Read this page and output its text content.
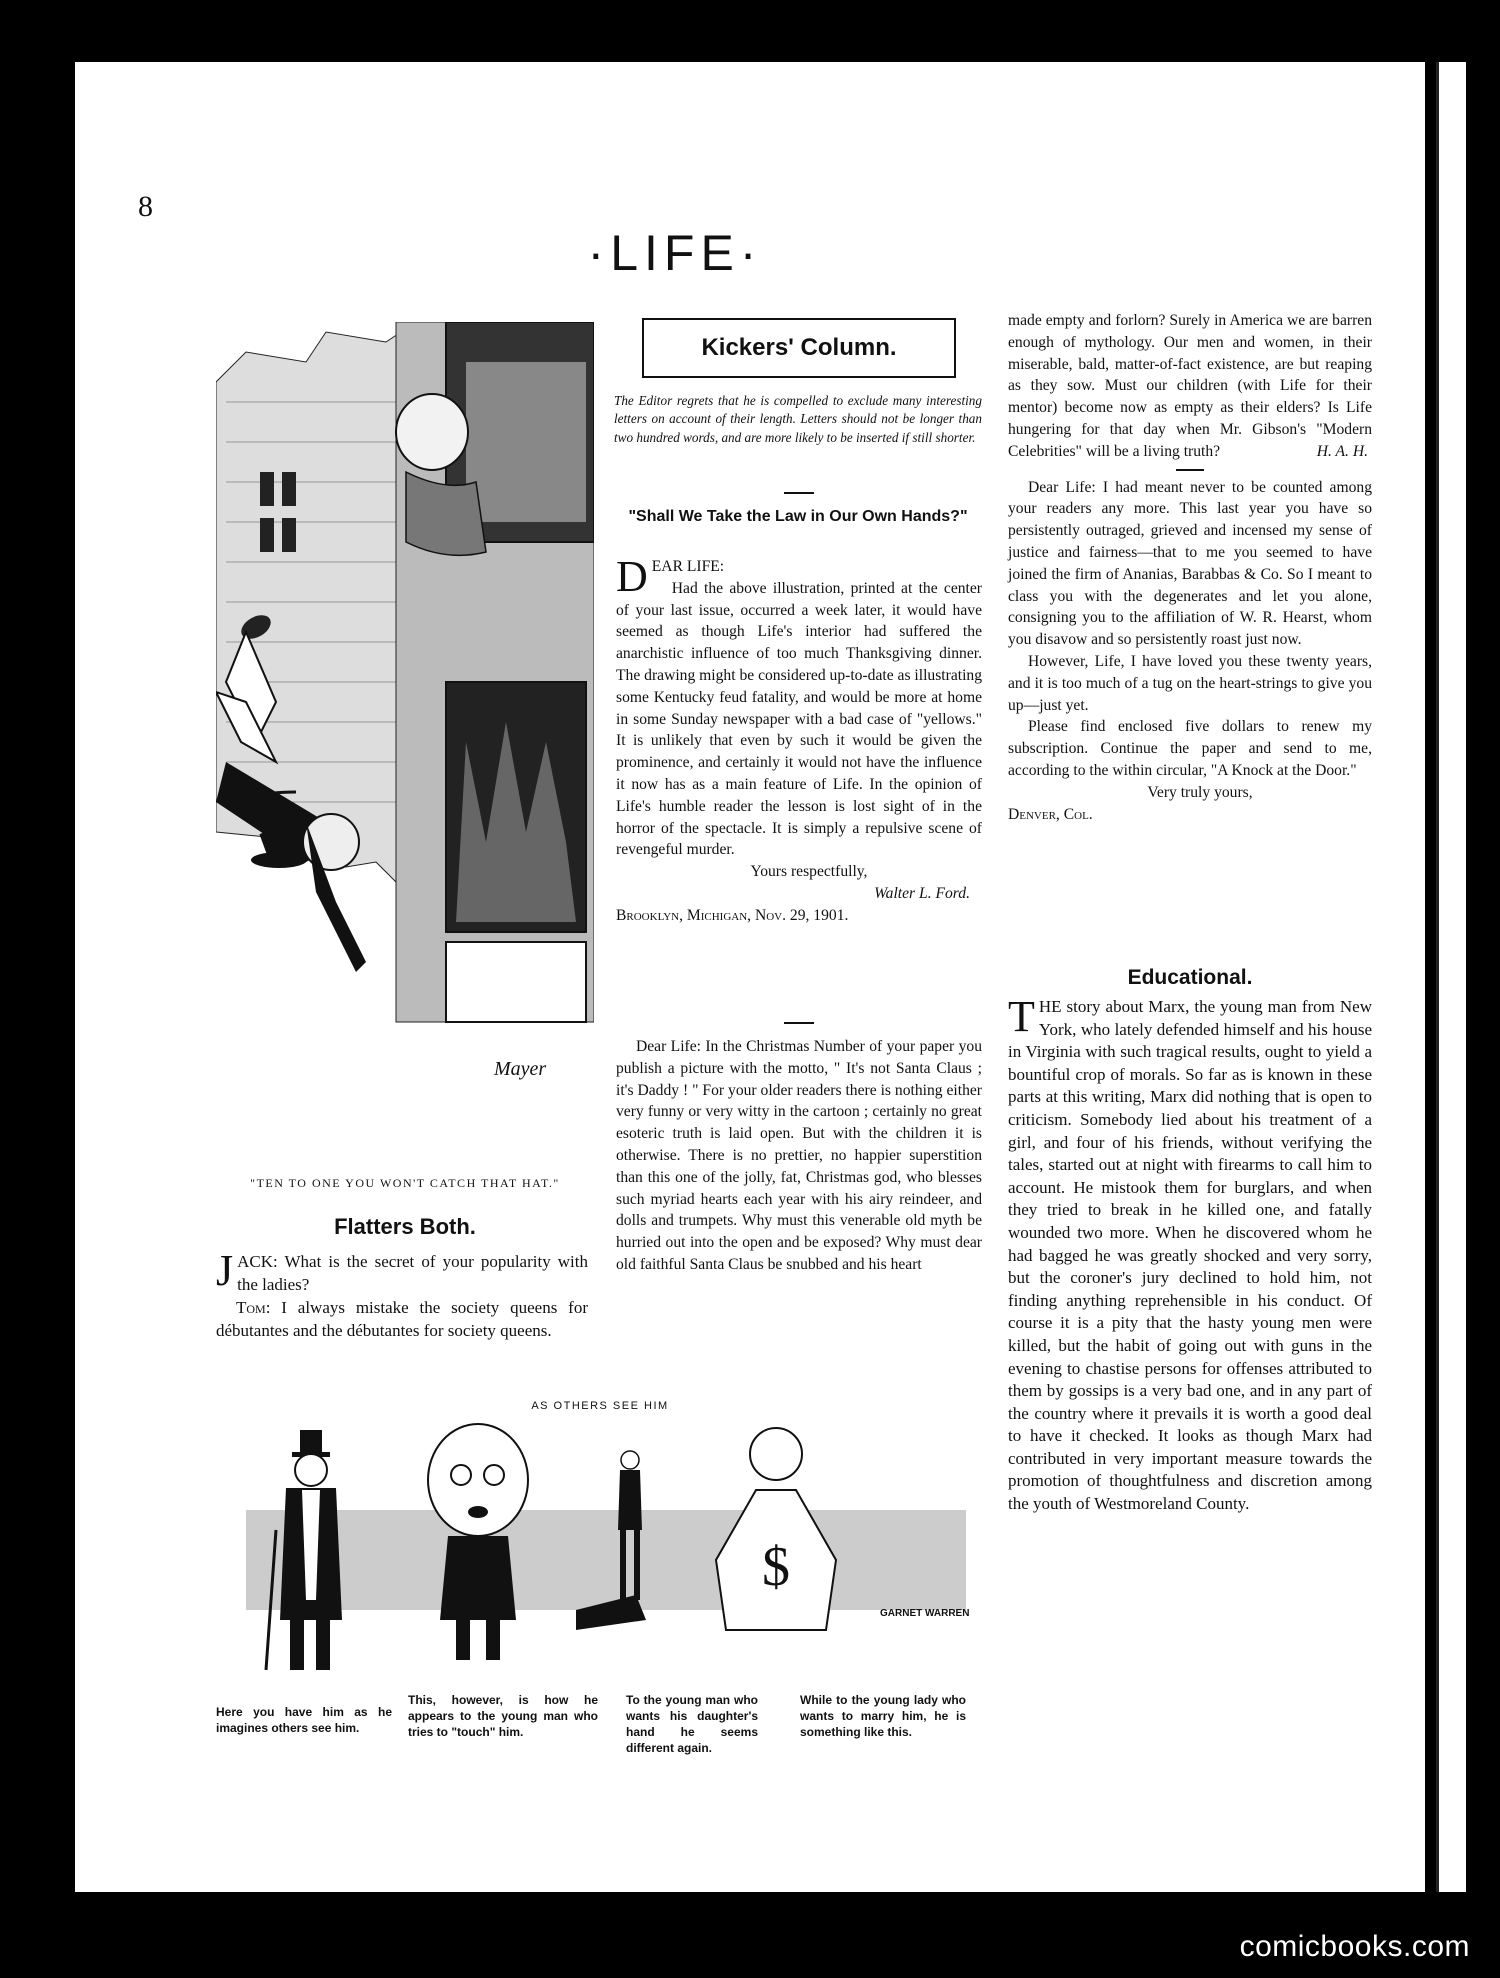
8
·LIFE·
Mayer
"TEN TO ONE YOU WON'T CATCH THAT HAT."
Flatters Both.

JACK: What is the secret of your popularity with the ladies?

Tom: I always mistake the society queens for débutantes and the débutantes for society queens.

Kickers' Column.
The Editor regrets that he is compelled to exclude many interesting letters on account of their length. Letters should not be longer than two hundred words, and are more likely to be inserted if still shorter.
"Shall We Take the Law in Our Own Hands?"

DEAR LIFE:

Had the above illustration, printed at the center of your last issue, occurred a week later, it would have seemed as though Life's interior had suffered the anarchistic influence of too much Thanksgiving dinner. The drawing might be considered up-to-date as illustrating some Kentucky feud fatality, and would be more at home in some Sunday newspaper with a bad case of "yellows." It is unlikely that even by such it would be given the prominence, and certainly it would not have the influence it now has as a main feature of Life. In the opinion of Life's humble reader the lesson is lost sight of in the horror of the spectacle. It is simply a repulsive scene of revengeful murder.

Yours respectfully,

Walter L. Ford.

Brooklyn, Michigan, Nov. 29, 1901.

Dear Life: In the Christmas Number of your paper you publish a picture with the motto, " It's not Santa Claus ; it's Daddy ! " For your older readers there is nothing either very funny or very witty in the cartoon ; certainly no great esoteric truth is laid open. But with the children it is otherwise. There is no prettier, no happier superstition than this one of the jolly, fat, Christmas god, who blesses such myriad hearts each year with his airy reindeer, and dolls and trumpets. Why must this venerable old myth be hurried out into the open and be exposed? Why must dear old faithful Santa Claus be snubbed and his heart

made empty and forlorn? Surely in America we are barren enough of mythology. Our men and women, in their miserable, bald, matter-of-fact existence, are but reaping as they sow. Must our children (with Life for their mentor) become now as empty as their elders? Is Life hungering for that day when Mr. Gibson's "Modern Celebrities" will be a living truth?	H. A. H.

Dear Life: I had meant never to be counted among your readers any more. This last year you have so persistently outraged, grieved and incensed my sense of justice and fairness—that to me you seemed to have joined the firm of Ananias, Barabbas & Co. So I meant to class you with the degenerates and let you alone, consigning you to the affiliation of W. R. Hearst, whom you disavow and so persistently roast just now.

However, Life, I have loved you these twenty years, and it is too much of a tug on the heart-strings to give you up—just yet.

Please find enclosed five dollars to renew my subscription. Continue the paper and send to me, according to the within circular, "A Knock at the Door."

Very truly yours,

Denver, Col.

Educational.

THE story about Marx, the young man from New York, who lately defended himself and his house in Virginia with such tragical results, ought to yield a bountiful crop of morals. So far as is known in these parts at this writing, Marx did nothing that is open to criticism. Somebody lied about his treatment of a girl, and four of his friends, without verifying the tales, started out at night with firearms to call him to account. He mistook them for burglars, and when they tried to break in he killed one, and fatally wounded two more. When he discovered whom he had bagged he was greatly shocked and very sorry, but the coroner's jury declined to hold him, not finding anything reprehensible in his conduct. Of course it is a pity that the hasty young men were killed, but the habit of going out with guns in the evening to chastise persons for offenses attributed to them by gossips is a very bad one, and in any part of the country where it prevails it is worth a good deal to have it checked. It looks as though Marx had contributed in very important measure towards the promotion of thoughtfulness and discretion among the youth of Westmoreland County.

AS OTHERS SEE HIM
$
GARNET WARREN
Here you have him as he imagines others see him.
This, however, is how he appears to the young man who tries to "touch" him.
To the young man who wants his daughter's hand he seems different again.
While to the young lady who wants to marry him, he is something like this.
comicbooks.com
